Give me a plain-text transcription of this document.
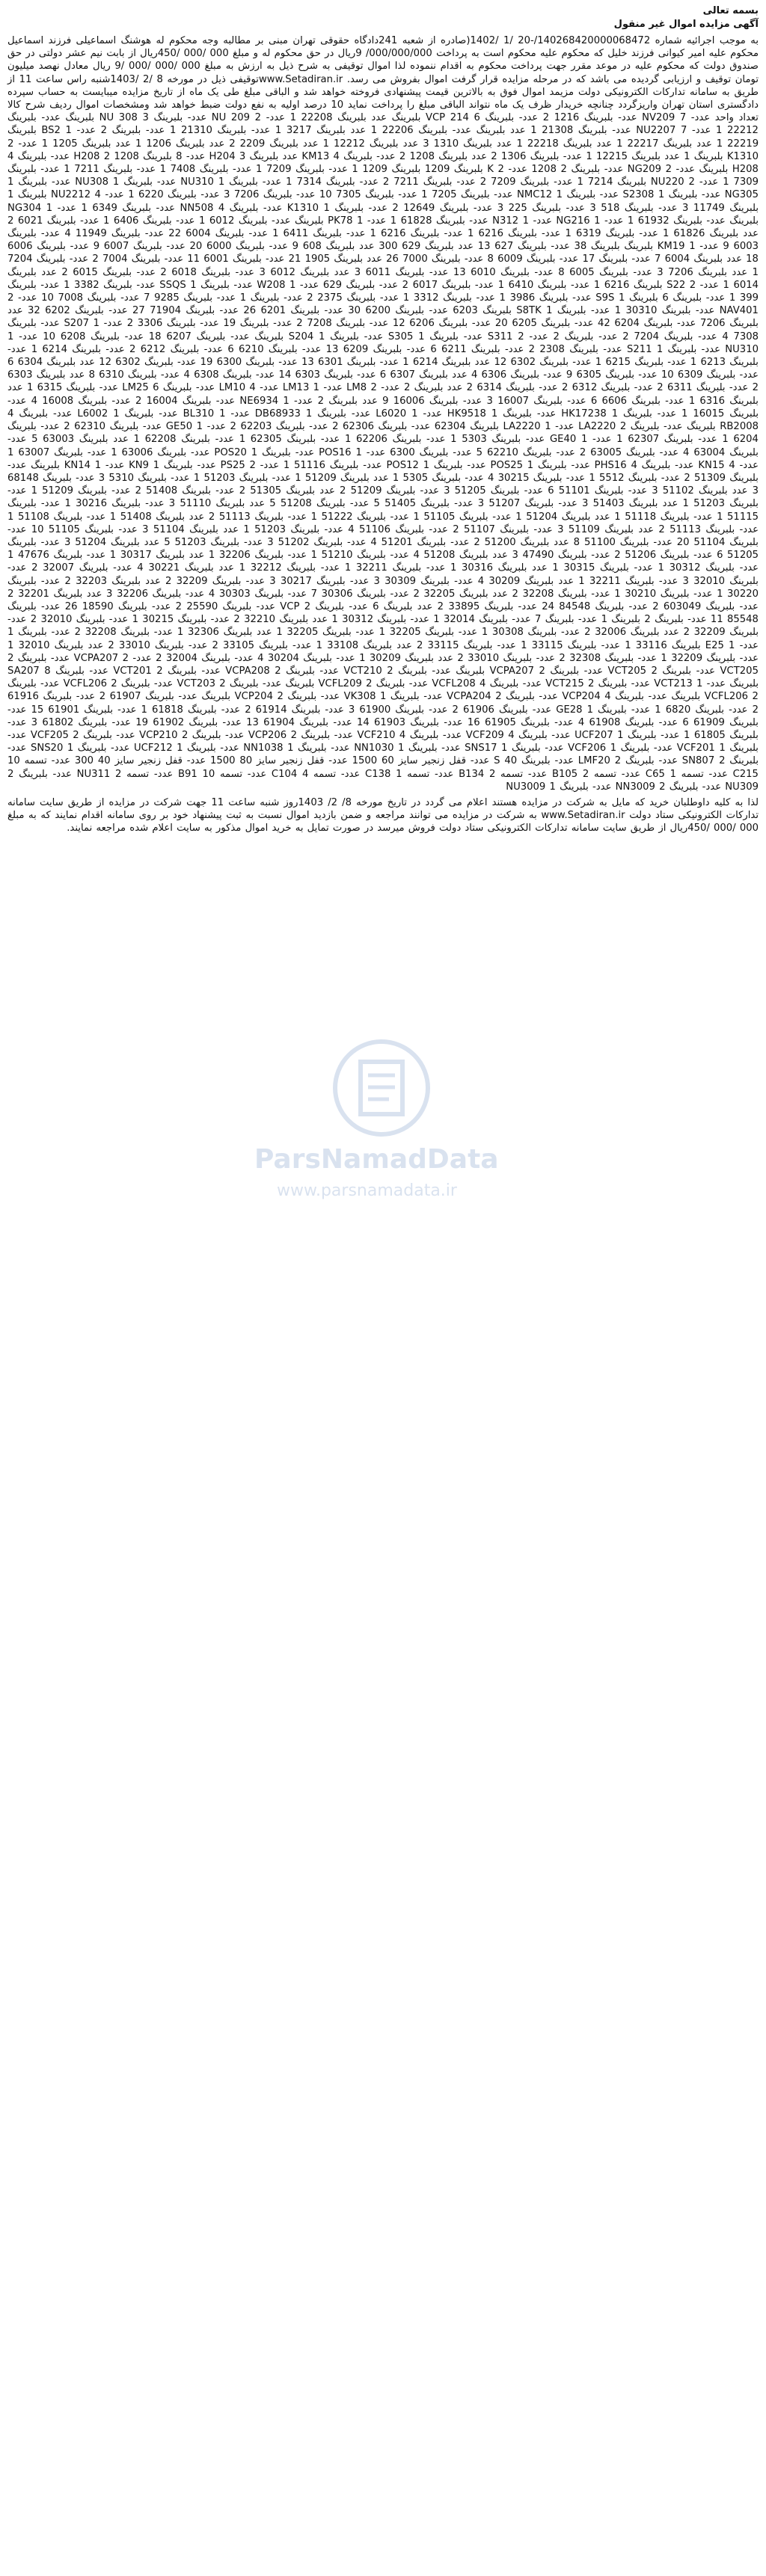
بسمه تعالی

آگهی مزایده اموال غیر منقول

به موجب اجرائیه شماره 140268420000068472/-20 /1 /1402(صادره از شعبه 241دادگاه حقوقی تهران مبنی بر مطالبه وجه محکوم له هوشنگ اسماعیلی فرزند اسماعیل محکوم علیه امیر کیوانی فرزند خلیل که محکوم علیه محکوم است به پرداخت 000/000/000/ 9ریال در حق محکوم له و مبلغ 000 /000 /450ریال از بابت نیم عشر دولتی در حق صندوق دولت که محکوم علیه در موعد مقرر جهت پرداخت محکوم به اقدام ننموده لذا اموال توقیفی به شرح ذیل به ارزش به مبلغ 000 /000 /000 /9 ریال معادل نهصد میلیون تومان توقیف و ارزیابی گردیده می باشد که در مرحله مزایده قرار گرفت اموال بفروش می رسد. www.Setadiran.irتوقیفی ذیل در مورخه 8 /2 /1403شنبه راس ساعت 11 از طریق به سامانه تدارکات الکترونیکی دولت مزیمد اموال فوق به بالاترین قیمت پیشنهادی فروخته خواهد شد و الباقی مبلغ طی یک ماه از تاریخ مزایده میبایست به حساب سپرده دادگستری استان تهران واریزگردد چنانچه خریدار ظرف یک ماه نتواند الباقی مبلغ را پرداخت نماید 10 درصد اولیه به نفع دولت ضبط خواهد شد ومشخصات اموال ردیف شرح کالا تعداد واحد عدد- 7 NV209 عدد- بلبرینگ 1216 2 عدد- بلبرینگ 6 VCP 214 بلبرینگ عدد بلبرینگ 22208 1 عدد- 2 NU 209 عدد- بلبرینگ 3 NU 308 بلبرینگ عدد- بلبرینگ 22212 1 عدد- 7 NU2207 عدد- بلبرینگ 21308 1 عدد بلبرینگ عدد- بلبرینگ 22206 1 عدد بلبرینگ 3217 1 عدد- بلبرینگ 21310 1 عدد- بلبرینگ 2 عدد- 1 BS2 بلبرینگ 22219 1 عدد بلبرینگ 22217 1 عدد بلبرینگ 22218 1 عدد بلبرینگ 1310 3 عدد بلبرینگ 12212 1 عدد بلبرینگ 2209 2 عدد بلبرینگ 1206 1 عدد بلبرینگ 1205 1 عدد- 2 K1310 بلبرینگ 1 عدد بلبرینگ 12215 1 عدد- بلبرینگ 1306 2 عدد بلبرینگ 1208 2 عدد- بلبرینگ 4 KM13 عدد بلبرینگ 3 H204 عدد- 8 بلبرینگ 1208 2 H208 عدد- بلبرینگ 4 H208 بلبرینگ عدد- 2 NG209 عدد- بلبرینگ 2 1208 عدد- K 2 بلبرینگ 1209 بلبرینگ 1209 1 عدد- بلبرینگ 7209 1 عدد- بلبرینگ 7408 1 عدد- بلبرینگ 7211 1 عدد- بلبرینگ 7309 1 عدد- 2 NU220 بلبرینگ 7214 1 عدد- بلبرینگ 7209 2 عدد- بلبرینگ 7211 2 عدد- بلبرینگ 7314 1 عدد- بلبرینگ 1 NU310 عدد- بلبرینگ 1 NU308 عدد- بلبرینگ 1 NG305 عدد- بلبرینگ 1 S2308 عدد- بلبرینگ 1 NMC12 عدد- بلبرینگ 7205 1 عدد- بلبرینگ 7305 10 عدد- بلبرینگ 7206 3 عدد- بلبرینگ 6220 1 عدد- 4 NU2212 بلبرینگ 1 بلبرینگ 11749 3 عدد- بلبرینگ 518 3 عدد- بلبرینگ 225 3 عدد- بلبرینگ 12649 2 عدد- بلبرینگ 1 K1310 عدد- بلبرینگ 4 NN508 عدد- بلبرینگ 6349 1 عدد- 1 NG304 بلبرینگ عدد- بلبرینگ 61932 1 عدد- 1 NG216 عدد- 1 N312 عدد- بلبرینگ 61828 1 عدد- 1 PK78 بلبرینگ عدد- بلبرینگ 6012 1 عدد- بلبرینگ 6406 1 عدد- بلبرینگ 6021 2 عدد بلبرینگ 61826 1 عدد- بلبرینگ 6319 1 عدد- بلبرینگ 6216 1 عدد- بلبرینگ 6216 1 عدد- بلبرینگ 6411 1 عدد- بلبرینگ 6004 22 عدد- بلبرینگ 11949 4 عدد- بلبرینگ 6003 9 عدد- 1 KM19 بلبرینگ بلبرینگ 38 عدد- بلبرینگ 627 13 عدد بلبرینگ 629 300 عدد بلبرینگ 608 9 عدد- بلبرینگ 6000 20 عدد- بلبرینگ 6007 9 عدد- بلبرینگ 6006 18 عدد بلبرینگ 6004 7 عدد- بلبرینگ 17 عدد- بلبرینگ 6009 8 عدد- بلبرینگ 7000 26 عدد بلبرینگ 1905 21 عدد- بلبرینگ 6001 11 عدد- بلبرینگ 7004 2 عدد- بلبرینگ 7204 1 عدد بلبرینگ 7206 3 عدد- بلبرینگ 6005 8 عدد- بلبرینگ 6010 13 عدد- بلبرینگ 6011 3 عدد بلبرینگ 6012 3 عدد- بلبرینگ 6018 2 عدد- بلبرینگ 6015 2 عدد بلبرینگ 6014 1 عدد- 2 S22 بلبرینگ 6216 1 عدد- بلبرینگ 6410 1 عدد- بلبرینگ 6017 2 عدد- بلبرینگ 629 عدد- 1 W208 عدد- بلبرینگ 1 SSQS عدد- بلبرینگ 3382 1 عدد- بلبرینگ 399 1 عدد- بلبرینگ 6 بلبرینگ 1 S9S عدد- بلبرینگ 3986 1 عدد- بلبرینگ 3312 1 عدد- بلبرینگ 2375 2 عدد- بلبرینگ 1 عدد- بلبرینگ 9285 7 عدد- بلبرینگ 7008 10 عدد- 2 NAV401 عدد- بلبرینگ 30310 1 عدد- بلبرینگ 1 S8TK بلبرینگ 6203 عدد- بلبرینگ 6200 30 عدد- بلبرینگ 6201 26 عدد- بلبرینگ 71904 27 عدد- بلبرینگ 6202 32 عدد بلبرینگ 7206 عدد- بلبرینگ 6204 42 عدد- بلبرینگ 6205 20 عدد- بلبرینگ 6206 12 عدد- بلبرینگ 7208 2 عدد- بلبرینگ 19 عدد- بلبرینگ 3306 2 عدد- 1 S207 عدد- بلبرینگ 7308 4 عدد- بلبرینگ 7204 2 عدد- بلبرینگ 2 عدد- 2 S311 عدد- بلبرینگ 1 S305 عدد- بلبرینگ 1 S204 بلبرینگ عدد- بلبرینگ 6207 18 عدد- بلبرینگ 6208 10 عدد- 1 NU310 عدد- بلبرینگ 1 S211 عدد- بلبرینگ 2308 2 عدد- بلبرینگ 6211 6 عدد- بلبرینگ 6209 13 عدد- بلبرینگ 6210 6 عدد- بلبرینگ 6212 2 عدد- بلبرینگ 6214 1 عدد- بلبرینگ 6213 1 عدد- بلبرینگ 6215 1 عدد- بلبرینگ 6302 12 عدد بلبرینگ 6214 1 عدد- بلبرینگ 6301 13 عدد- بلبرینگ 6300 19 عدد- بلبرینگ 6302 12 عدد بلبرینگ 6304 6 عدد- بلبرینگ 6309 10 عدد- بلبرینگ 6305 9 عدد- بلبرینگ 6306 4 عدد بلبرینگ 6307 6 عدد- بلبرینگ 6303 14 عدد- بلبرینگ 6308 4 عدد- بلبرینگ 6310 8 عدد بلبرینگ 6303 2 عدد- بلبرینگ 6311 2 عدد- بلبرینگ 6312 2 عدد- بلبرینگ 6314 2 عدد بلبرینگ 2 عدد- 2 LM8 عدد- 1 LM13 عدد- 4 LM10 عدد- بلبرینگ 6 LM25 عدد- بلبرینگ 6315 1 عدد بلبرینگ 6316 1 عدد- بلبرینگ 6606 6 عدد- بلبرینگ 16007 3 عدد- بلبرینگ 16006 9 عدد بلبرینگ 2 عدد- 1 NE6934 عدد- بلبرینگ 16004 2 عدد- بلبرینگ 16008 4 عدد- بلبرینگ 16015 1 عدد- بلبرینگ 1 HK17238 عدد- بلبرینگ 1 HK9518 عدد- 1 L6020 عدد- بلبرینگ 1 DB68933 عدد- 1 BL310 عدد- بلبرینگ 1 L6002 عدد- بلبرینگ 4 RB2008 بلبرینگ عدد- بلبرینگ 2 LA2220 عدد- 1 LA2220 بلبرینگ 62304 عدد- بلبرینگ 62306 2 عدد- بلبرینگ 62203 2 عدد- 1 GE50 عدد- بلبرینگ 62310 2 عدد- بلبرینگ 6204 1 عدد- بلبرینگ 62307 1 عدد- 1 GE40 عدد- بلبرینگ 5303 1 عدد- بلبرینگ 62206 1 عدد- بلبرینگ 62305 1 عدد- بلبرینگ 62208 1 عدد بلبرینگ 63003 5 عدد- بلبرینگ 63004 4 عدد- بلبرینگ 63005 2 عدد- بلبرینگ 62210 5 عدد- بلبرینگ 6300 عدد- 1 POS16 عدد- بلبرینگ 1 POS20 عدد- بلبرینگ 63006 1 عدد- بلبرینگ 63007 1 عدد- 4 KN15 عدد- بلبرینگ 4 PHS16 عدد- بلبرینگ 1 POS25 عدد- بلبرینگ 1 POS12 عدد- بلبرینگ 51116 1 عدد- 2 PS25 عدد- بلبرینگ 1 KN9 عدد- 1 KN14 بلبرینگ عدد- بلبرینگ 51309 2 عدد- بلبرینگ 5512 1 عدد- بلبرینگ 30215 4 عدد- بلبرینگ 5305 1 عدد بلبرینگ 51209 1 عدد- بلبرینگ 51203 1 عدد- بلبرینگ 5310 3 عدد- بلبرینگ 68148 3 عدد بلبرینگ 51102 3 عدد- بلبرینگ 51101 6 عدد- بلبرینگ 51205 3 عدد- بلبرینگ 51209 2 عدد بلبرینگ 51305 2 عدد- بلبرینگ 51408 2 عدد- بلبرینگ 51209 1 عدد- بلبرینگ 51203 1 عدد بلبرینگ 51403 3 عدد- بلبرینگ 51207 3 عدد- بلبرینگ 51405 5 عدد- بلبرینگ 51208 5 عدد بلبرینگ 51110 3 عدد- بلبرینگ 30216 1 عدد- بلبرینگ 51115 1 عدد- بلبرینگ 51118 1 عدد بلبرینگ 51204 1 عدد- بلبرینگ 51105 1 عدد- بلبرینگ 51222 1 عدد- بلبرینگ 51113 2 عدد بلبرینگ 51408 1 عدد- بلبرینگ 51108 1 عدد- بلبرینگ 51113 2 عدد بلبرینگ 51109 3 عدد- بلبرینگ 51107 2 عدد- بلبرینگ 51106 4 عدد- بلبرینگ 51203 1 عدد بلبرینگ 51104 3 عدد- بلبرینگ 51105 10 عدد- بلبرینگ 51104 20 عدد- بلبرینگ 51100 8 عدد بلبرینگ 51200 2 عدد- بلبرینگ 51201 4 عدد- بلبرینگ 51202 3 عدد- بلبرینگ 51203 5 عدد بلبرینگ 51204 3 عدد- بلبرینگ 51205 6 عدد- بلبرینگ 51206 2 عدد- بلبرینگ 47490 3 عدد بلبرینگ 51208 4 عدد- بلبرینگ 51210 1 عدد- بلبرینگ 32206 1 عدد بلبرینگ 30317 1 عدد- بلبرینگ 47676 1 عدد- بلبرینگ 30312 1 عدد- بلبرینگ 30315 1 عدد بلبرینگ 30316 1 عدد- بلبرینگ 32211 1 عدد- بلبرینگ 32212 1 عدد بلبرینگ 30221 4 عدد- بلبرینگ 32007 2 عدد- بلبرینگ 32010 3 عدد- بلبرینگ 32211 1 عدد بلبرینگ 30209 4 عدد- بلبرینگ 30309 3 عدد- بلبرینگ 30217 3 عدد- بلبرینگ 32209 2 عدد بلبرینگ 32203 2 عدد- بلبرینگ 30220 1 عدد- بلبرینگ 30210 1 عدد- بلبرینگ 32208 2 عدد بلبرینگ 32205 2 عدد- بلبرینگ 30306 7 عدد- بلبرینگ 30303 4 عدد- بلبرینگ 32206 3 عدد بلبرینگ 32201 2 عدد- بلبرینگ 603049 2 عدد- بلبرینگ 84548 24 عدد- بلبرینگ 33895 2 عدد بلبرینگ 6 عدد- بلبرینگ 2 VCP عدد- بلبرینگ 25590 2 عدد- بلبرینگ 18590 26 عدد- بلبرینگ 85548 11 عدد- بلبرینگ 2 بلبرینگ 1 عدد- بلبرینگ 7 عدد- بلبرینگ 32014 1 عدد- بلبرینگ 30312 1 عدد بلبرینگ 32210 2 عدد- بلبرینگ 30215 1 عدد- بلبرینگ 32010 2 عدد- بلبرینگ 32209 2 عدد بلبرینگ 32006 2 عدد- بلبرینگ 30308 1 عدد- بلبرینگ 32205 1 عدد- بلبرینگ 32205 1 عدد بلبرینگ 32306 1 عدد- بلبرینگ 32208 2 عدد- بلبرینگ 1 عدد- 1 E25 بلبرینگ 33116 1 عدد- بلبرینگ 33115 1 عدد- بلبرینگ 33115 2 عدد بلبرینگ 33108 1 عدد- بلبرینگ 33105 2 عدد- بلبرینگ 33010 2 عدد بلبرینگ 32010 1 عدد- بلبرینگ 32209 1 عدد- بلبرینگ 32308 2 عدد- بلبرینگ 33010 2 عدد بلبرینگ 30209 1 عدد- بلبرینگ 30204 4 عدد- بلبرینگ 32004 2 عدد- 2 VCPA207 عدد- بلبرینگ 2 VCT205 عدد- بلبرینگ 2 VCT205 عدد- بلبرینگ 2 VCPA207 بلبرینگ عدد- بلبرینگ 2 VCT210 عدد- بلبرینگ 2 VCPA208 عدد- بلبرینگ 2 VCT201 عدد- بلبرینگ 8 SA207 بلبرینگ عدد- 1 VCT213 عدد- بلبرینگ 2 VCT215 عدد- بلبرینگ 4 VCFL208 عدد- بلبرینگ 2 VCFL209 بلبرینگ عدد- بلبرینگ 2 VCT203 عدد- بلبرینگ 2 VCFL206 عدد- بلبرینگ 2 VCFL206 بلبرینگ عدد- بلبرینگ 4 VCP204 عدد- بلبرینگ 2 VCPA204 عدد- بلبرینگ 1 VK308 عدد- بلبرینگ 2 VCP204 بلبرینگ عدد- بلبرینگ 61907 2 عدد- بلبرینگ 61916 2 عدد- بلبرینگ 6820 1 عدد- بلبرینگ 1 GE28 عدد- بلبرینگ 61906 2 عدد- بلبرینگ 61900 3 عدد- بلبرینگ 61914 2 عدد- بلبرینگ 61818 1 عدد- بلبرینگ 61901 15 عدد- بلبرینگ 61909 6 عدد- بلبرینگ 61908 4 عدد- بلبرینگ 61905 16 عدد- بلبرینگ 61903 14 عدد- بلبرینگ 61904 13 عدد- بلبرینگ 61902 19 عدد- بلبرینگ 61802 3 عدد- بلبرینگ 61805 1 عدد- بلبرینگ 1 UCF207 عدد- بلبرینگ 4 VCF209 عدد- بلبرینگ 4 VCF210 عدد- بلبرینگ 2 VCP206 عدد- بلبرینگ 2 VCP210 عدد- بلبرینگ 2 VCF205 عدد- بلبرینگ 1 VCF201 عدد- بلبرینگ 1 VCF206 عدد- بلبرینگ 1 SNS17 عدد- بلبرینگ 1 NN1030 عدد- بلبرینگ 1 NN1038 عدد- بلبرینگ 1 UCF212 عدد- بلبرینگ 1 SNS20 عدد- بلبرینگ 2 SN807 عدد- بلبرینگ 2 LMF20 عدد- بلبرینگ 40 S عدد- قفل زنجیر سایز 60 1500 عدد- قفل زنجیر سایز 80 1500 عدد- قفل زنجیر سایز 40 300 عدد- تسمه 10 C215 عدد- تسمه 1 C65 عدد- تسمه 2 B105 عدد- تسمه 2 B134 عدد- تسمه 1 C138 عدد- تسمه 4 C104 عدد- تسمه 10 B91 عدد- تسمه 2 NU311 عدد- بلبرینگ 2 NU309 عدد- بلبرینگ 2 NN3009 عدد- بلبرینگ 1 NU3009

لذا به کلیه داوطلبان خرید که مایل به شرکت در مزایده هستند اعلام می گردد در تاریخ مورخه 8/ 2/ 1403روز شنبه ساعت 11 جهت شرکت در مزایده از طریق سایت سامانه تدارکات الکترونیکی ستاد دولت www.Setadiran.ir به شرکت در مزایده می توانند مراجعه و ضمن بازدید اموال نسبت به ثبت پیشنهاد خود بر روی سامانه اقدام نمایند که به مبلغ 000 /000 /450ریال از طریق سایت سامانه تدارکات الکترونیکی ستاد دولت فروش میرسد در صورت تمایل به خرید اموال مذکور به سایت اعلام شده مراجعه نمایند.

ParsNamadData
www.parsnamadata.ir
